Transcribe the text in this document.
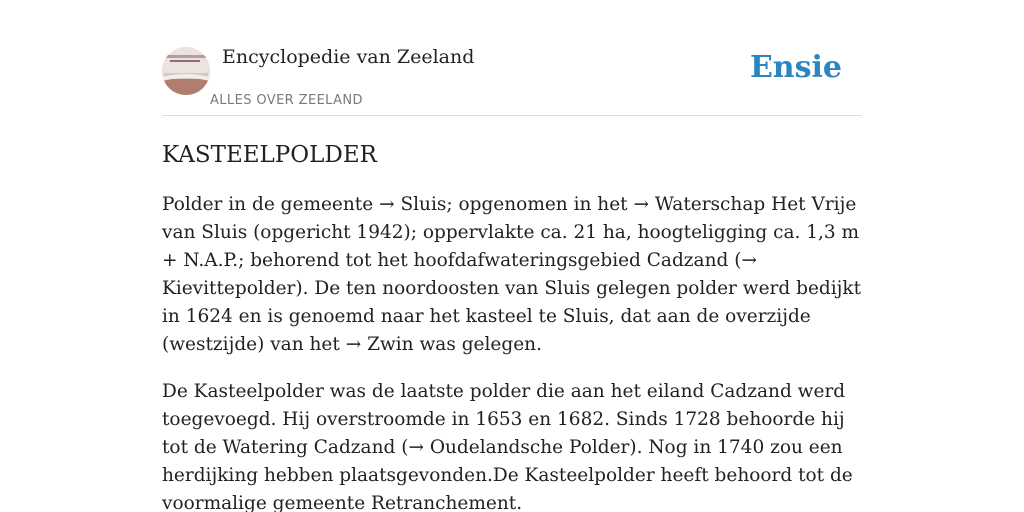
Encyclopedie van Zeeland
ALLES OVER ZEELAND
Ensie
KASTEELPOLDER

Polder in de gemeente → Sluis; opgenomen in het → Waterschap Het Vrije van Sluis (opgericht 1942); oppervlakte ca. 21 ha, hoogteligging ca. 1,3 m + N.A.P.; behorend tot het hoofdafwateringsgebied Cadzand (→ Kievittepolder). De ten noordoosten van Sluis gelegen polder werd bedijkt in 1624 en is genoemd naar het kasteel te Sluis, dat aan de overzijde (westzijde) van het → Zwin was gelegen.

De Kasteelpolder was de laatste polder die aan het eiland Cadzand werd toegevoegd. Hij overstroomde in 1653 en 1682. Sinds 1728 behoorde hij tot de Watering Cadzand (→ Oudelandsche Polder). Nog in 1740 zou een herdijking hebben plaatsgevonden.De Kasteelpolder heeft behoord tot de voormalige gemeente Retranchement.
